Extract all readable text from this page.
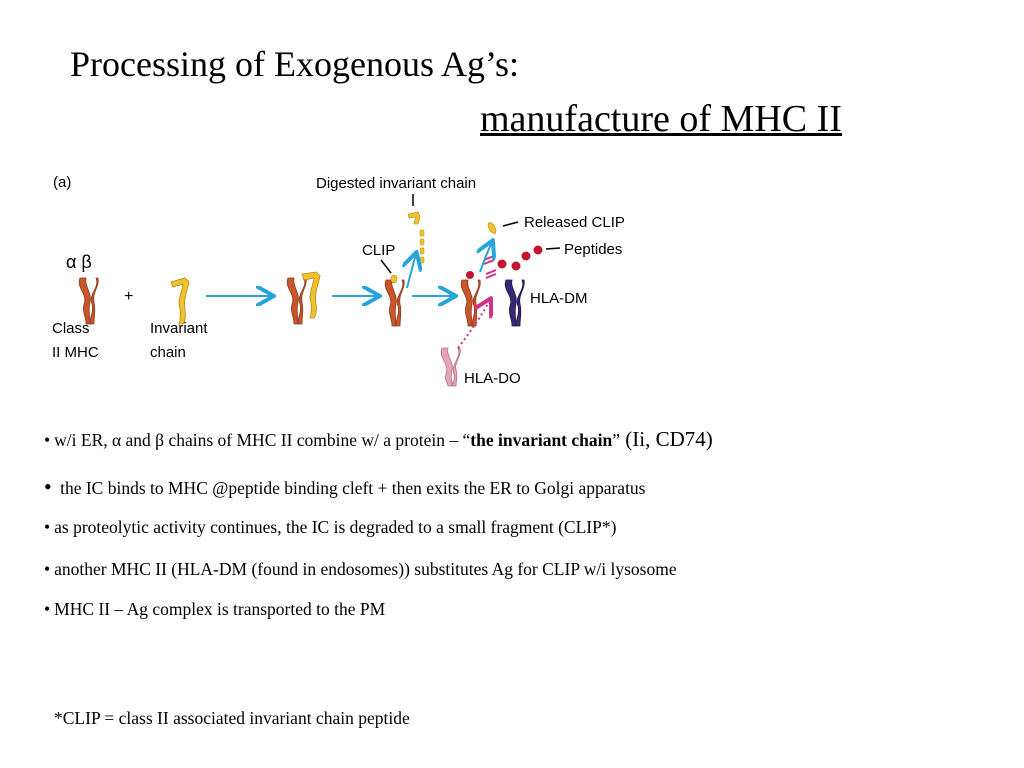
Processing of Exogenous Ag’s:
manufacture of MHC II
(a)
α β
Class
II MHC
+
Invariant
chain
CLIP
Digested invariant chain
Released CLIP
Peptides
HLA-DM
HLA-DO
• w/i ER, α and β chains of MHC II combine w/ a protein – “the invariant chain” (Ii, CD74)
• the IC binds to MHC @peptide binding cleft + then exits the ER to Golgi apparatus
• as proteolytic activity continues, the IC is degraded to a small fragment (CLIP*)
• another MHC II (HLA-DM (found in endosomes)) substitutes Ag for CLIP w/i lysosome
• MHC II – Ag complex is transported to the PM
*CLIP = class II associated invariant chain peptide
